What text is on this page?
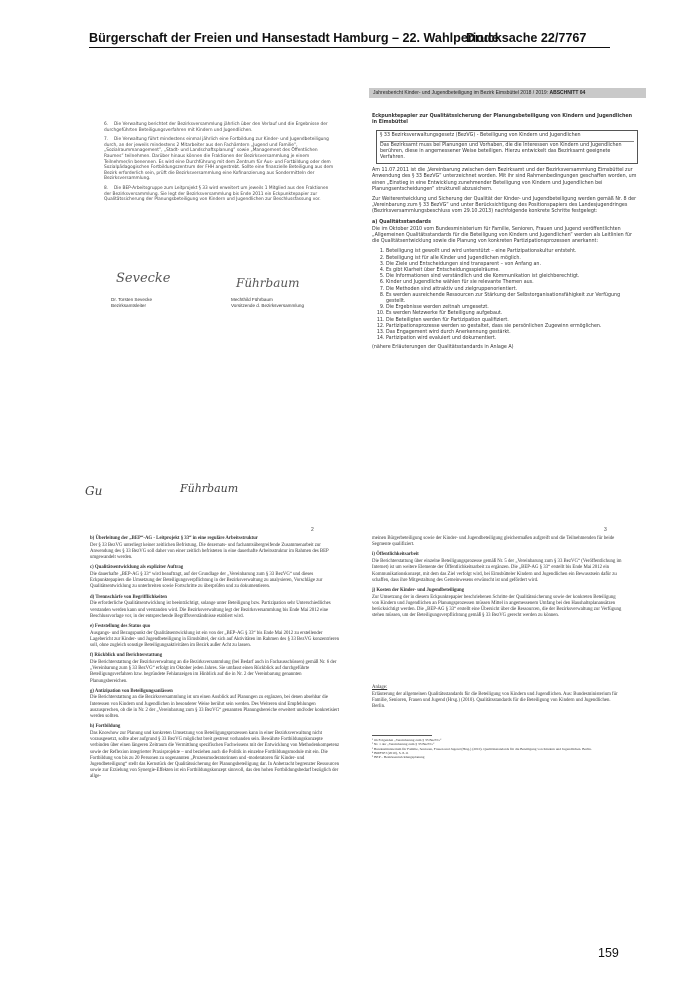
Bürgerschaft der Freien und Hansestadt Hamburg – 22. Wahlperiode
Drucksache 22/7767
6. Die Verwaltung berichtet der Bezirksversammlung jährlich über den Verlauf und die Ergebnisse der durchgeführten Beteiligungsverfahren mit Kindern und Jugendlichen.
7. Die Verwaltung führt mindestens einmal jährlich eine Fortbildung zur Kinder- und Jugendbeteiligung durch, an der jeweils mindestens 2 Mitarbeiter aus den Fachämtern „Jugend und Familie“, „Sozialraummanagement“, „Stadt- und Landschaftsplanung“ sowie „Management des Öffentlichen Raumes“ teilnehmen. Darüber hinaus können die Fraktionen der Bezirksversammlung je einem Teilnehmer/in benennen. Es wird eine Durchführung mit dem Zentrum für Aus- und Fortbildung oder dem Sozialpädagogischen Fortbildungszentrum der FHH angestrebt. Sollte eine finanzielle Beteiligung aus dem Bezirk erforderlich sein, prüft die Bezirksversammlung eine Kofinanzierung aus Sondermitteln der Bezirksversammlung.
8. Die BEP-Arbeitsgruppe zum Leitprojekt § 33 wird erweitert um jeweils 1 Mitglied aus den Fraktionen der Bezirksversammlung. Sie legt der Bezirksversammlung bis Ende 2011 ein Eckpunktepapier zur Qualitätssicherung der Planungsbeteiligung von Kindern und Jugendlichen zur Beschlussfassung vor.
Sevecke	Führbaum
Dr. Torsten Sevecke
Bezirksamtsleiter
Mechthild Führbaum
Vorsitzende d. Bezirksversammlung
Gu	Führbaum
Jahresbericht Kinder- und Jugendbeteiligung im Bezirk Eimsbüttel 2018 / 2019: ABSCHNITT 04

Eckpunktepapier zur Qualitätssicherung der Planungsbeteiligung von Kindern und Jugendlichen in Eimsbüttel

§ 33 Bezirksverwaltungsgesetz (BezVG) - Beteiligung von Kindern und Jugendlichen
Das Bezirksamt muss bei Planungen und Vorhaben, die die Interessen von Kindern und Jugendlichen berühren, diese in angemessener Weise beteiligen. Hierzu entwickelt das Bezirksamt geeignete Verfahren.

Am 11.07.2011 ist die „Vereinbarung zwischen dem Bezirksamt und der Bezirksversammlung Eimsbüttel zur Anwendung des § 33 BezVG“ unterzeichnet worden. Mit ihr sind Rahmenbedingungen geschaffen worden, um einen „Einstieg in eine Entwicklung zunehmender Beteiligung von Kindern und Jugendlichen bei Planungsentscheidungen“ strukturell abzusichern.

Zur Weiterentwicklung und Sicherung der Qualität der Kinder- und Jugendbeteiligung werden gemäß Nr. 8 der „Vereinbarung zum § 33 BezVG“ und unter Berücksichtigung des Positionspapiers des Landesjugendringes (Bezirksversammlungsbeschluss vom 29.10.2013) nachfolgende konkrete Schritte festgelegt:

a) Qualitätsstandards

Die im Oktober 2010 vom Bundesministerium für Familie, Senioren, Frauen und Jugend veröffentlichten „Allgemeinen Qualitätsstandards für die Beteiligung von Kindern und Jugendlichen“ werden als Leitlinien für die Qualitätsentwicklung sowie die Planung von konkreten Partizipationsprozessen anerkannt:

1. Beteiligung ist gewollt und wird unterstützt – eine Partizipationskultur entsteht.
2. Beteiligung ist für alle Kinder und Jugendlichen möglich.
3. Die Ziele und Entscheidungen sind transparent – von Anfang an.
4. Es gibt Klarheit über Entscheidungsspielräume.
5. Die Informationen sind verständlich und die Kommunikation ist gleichberechtigt.
6. Kinder und Jugendliche wählen für sie relevante Themen aus.
7. Die Methoden sind attraktiv und zielgruppenorientiert.
8. Es werden ausreichende Ressourcen zur Stärkung der Selbstorganisationsfähigkeit zur Verfügung gestellt.
9. Die Ergebnisse werden zeitnah umgesetzt.
10. Es werden Netzwerke für Beteiligung aufgebaut.
11. Die Beteiligten werden für Partizipation qualifiziert.
12. Partizipationsprozesse werden so gestaltet, dass sie persönlichen Zugewinn ermöglichen.
13. Das Engagement wird durch Anerkennung gestärkt.
14. Partizipation wird evaluiert und dokumentiert.

(nähere Erläuterungen der Qualitätsstandards in Anlage A)

2	3
b) Überleitung der „BEP“-AG - Leitprojekt § 33“ in eine reguläre Arbeitsstruktur
Der § 33 BezVG unterliegt keiner zeitlichen Befristung. Die dezernats- und fachamtsübergreifende Zusammenarbeit zur Anwendung des § 33 BezVG soll daher von einer zeitlich befristeten in eine dauerhafte Arbeitsstruktur im Rahmen des BEP umgewandelt werden.
c) Qualitätsentwicklung als expliziter Auftrag
Die dauerhafte „BEP-AG § 33“ wird beauftragt, auf der Grundlage der „Vereinbarung zum § 33 BezVG“ und dieses Eckpunktepapiers die Umsetzung der Beteiligungsverpflichtung in der Bezirksverwaltung zu analysieren, Vorschläge zur Qualitätsentwicklung zu unterbreiten sowie Fortschritte zu überprüfen und zu dokumentieren.
d) Trennschärfe von Begrifflichkeiten
Die erforderliche Qualitätsentwicklung ist beeinträchtigt, solange unter Beteiligung bzw. Partizipation sehr Unterschiedliches verstanden werden kann und verstanden wird. Die Bezirksverwaltung legt der Bezirksversammlung bis Ende Mai 2012 eine Beschlussvorlage vor, in der entsprechende Begriffsverständnisse etabliert wird.
e) Feststellung des Status quo
Ausgangs- und Bezugspunkt der Qualitätsentwicklung ist ein von der „BEP-AG § 33“ bis Ende Mai 2012 zu erstellender Lagebericht zur Kinder- und Jugendbeteiligung in Eimsbüttel, der sich auf Aktivitäten im Rahmen des § 33 BezVG konzentrieren soll, ohne zugleich sonstige Beteiligungsaktivitäten im Bezirk außer Acht zu lassen.
f) Rückblick und Berichterstattung
Die Berichterstattung der Bezirksverwaltung an die Bezirksversammlung (bei Bedarf auch in Fachausschüssen) gemäß Nr. 6 der „Vereinbarung zum § 33 BezVG“ erfolgt im Oktober jeden Jahres. Sie umfasst einen Rückblick auf durchgeführte Beteiligungsverfahren bzw. begründete Fehlanzeigen im Hinblick auf die in Nr. 2 der Vereinbarung genannten Planungsbereichen.
g) Antizipation von Beteiligungsanlässen
Die Berichterstattung an die Bezirksversammlung ist um einen Ausblick auf Planungen zu ergänzen, bei denen absehbar die Interessen von Kindern und Jugendlichen in besonderer Weise berührt sein werden. Des Weiteren sind Empfehlungen auszusprechen, ob die in Nr. 2 der „Vereinbarung zum § 33 BezVG“ genannten Planungsbereiche erweitert und/oder konkretisiert werden sollten.
h) Fortbildung
Das Knowhow zur Planung und konkreten Umsetzung von Beteiligungsprozessen kann in einer Bezirksverwaltung nicht vorausgesetzt, sollte aber aufgrund § 33 BezVG möglichst breit gestreut vorhanden sein. Bewährte Fortbildungskonzepte verbinden über einen längeren Zeitraum die Vermittlung spezifischen Fachwissens mit der Entwicklung von Methodenkompetenz sowie der Reflexion integrierter Praxisprojekte – und beziehen auch die Politik in einzelne Fortbildungsmodule mit ein. Die Fortbildung von bis zu 20 Personen zu sogenannten „Prozessmoderatorinnen und -moderatoren für Kinder- und Jugendbeteiligung“ stellt das Kernstück der Qualitätssicherung der Planungsbeteiligung dar. In Anbetracht begrenzter Ressourcen sowie zur Erzielung von Synergie-Effekten ist ein Fortbildungskonzept sinnvoll, das den hohen Fortbildungsbedarf bezüglich der allge-
meinen Bürgerbeteiligung sowie der Kinder- und Jugendbeteiligung gleichermaßen aufgreift und die Teilnehmenden für beide Segmente qualifiziert.
i) Öffentlichkeitsarbeit
Die Berichterstattung über einzelne Beteiligungsprozesse gemäß Nr. 5 der „Vereinbarung zum § 33 BezVG“ (Veröffentlichung im Internet) ist um weitere Elemente der Öffentlichkeitsarbeit zu ergänzen. Die „BEP-AG § 33“ erstellt bis Ende Mai 2012 ein Kommunikationskonzept, mit dem das Ziel verfolgt wird, bei Eimsbütteler Kindern und Jugendlichen ein Bewusstsein dafür zu schaffen, dass ihre Mitgestaltung des Gemeinwesens erwünscht ist und gefördert wird.
j) Kosten der Kinder- und Jugendbeteiligung
Zur Umsetzung der in diesem Eckpunktepapier beschriebenen Schritte der Qualitätssicherung sowie der konkreten Beteiligung von Kindern und Jugendlichen an Planungsprozessen müssen Mittel in angemessenem Umfang bei den Haushaltsplanansätzen berücksichtigt werden. Die „BEP-AG § 33“ erstellt eine Übersicht über die Ressourcen, die der Bezirksverwaltung zur Verfügung stehen müssen, um der Beteiligungsverpflichtung gemäß § 33 BezVG gerecht werden zu können.
Anlage:
Erläuterung der allgemeinen Qualitätsstandards für die Beteiligung von Kindern und Jugendlichen. Aus: Bundesministerium für Familie, Senioren, Frauen und Jugend (Hrsg.) (2010). Qualitätsstandards für die Beteiligung von Kindern und Jugendlichen. Berlin.
¹ im Folgenden „Vereinbarung zum § 33 BezVG“
² Nr. 1 der „Vereinbarung zum § 33 BezVG“
³ Bundesministerium für Familie, Senioren, Frauen und Jugend (Hrsg.) (2010). Qualitätsstandards für die Beteiligung von Kindern und Jugendlichen. Berlin.
⁴ BMFSFJ (2010), S. 8-11
⁵ BEP – Bezirksentwicklungsplanung
159
